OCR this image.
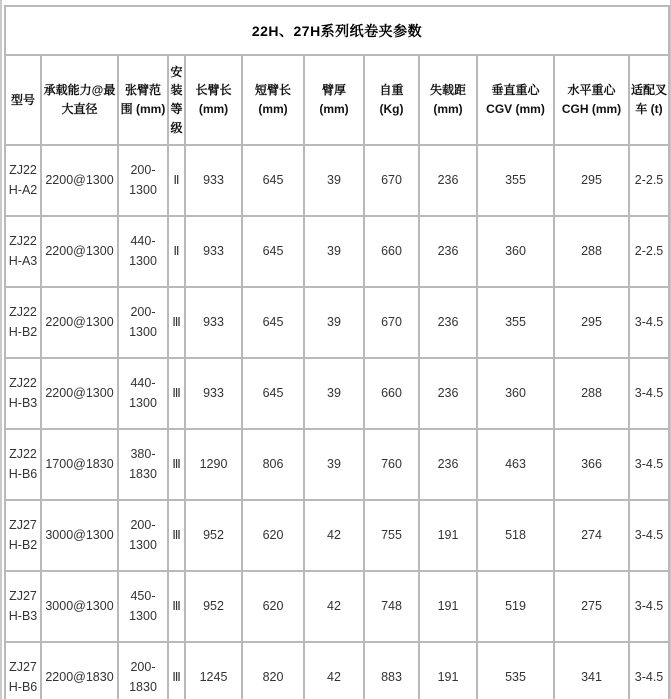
22H、27H系列纸卷夹参数											
型号	承载能力@最大直径	张臂范围 (mm)	安装等级	长臂长 (mm)	短臂长 (mm)	臂厚 (mm)	自重 (Kg)	失载距 (mm)	垂直重心 CGV (mm)	水平重心 CGH (mm)	适配叉车 (t)
ZJ22H-A2	2200@1300	200-1300	Ⅱ	933	645	39	670	236	355	295	2-2.5
ZJ22H-A3	2200@1300	440-1300	Ⅱ	933	645	39	660	236	360	288	2-2.5
ZJ22H-B2	2200@1300	200-1300	Ⅲ	933	645	39	670	236	355	295	3-4.5
ZJ22H-B3	2200@1300	440-1300	Ⅲ	933	645	39	660	236	360	288	3-4.5
ZJ22H-B6	1700@1830	380-1830	Ⅲ	1290	806	39	760	236	463	366	3-4.5
ZJ27H-B2	3000@1300	200-1300	Ⅲ	952	620	42	755	191	518	274	3-4.5
ZJ27H-B3	3000@1300	450-1300	Ⅲ	952	620	42	748	191	519	275	3-4.5
ZJ27H-B6	2200@1830	200-1830	Ⅲ	1245	820	42	883	191	535	341	3-4.5
